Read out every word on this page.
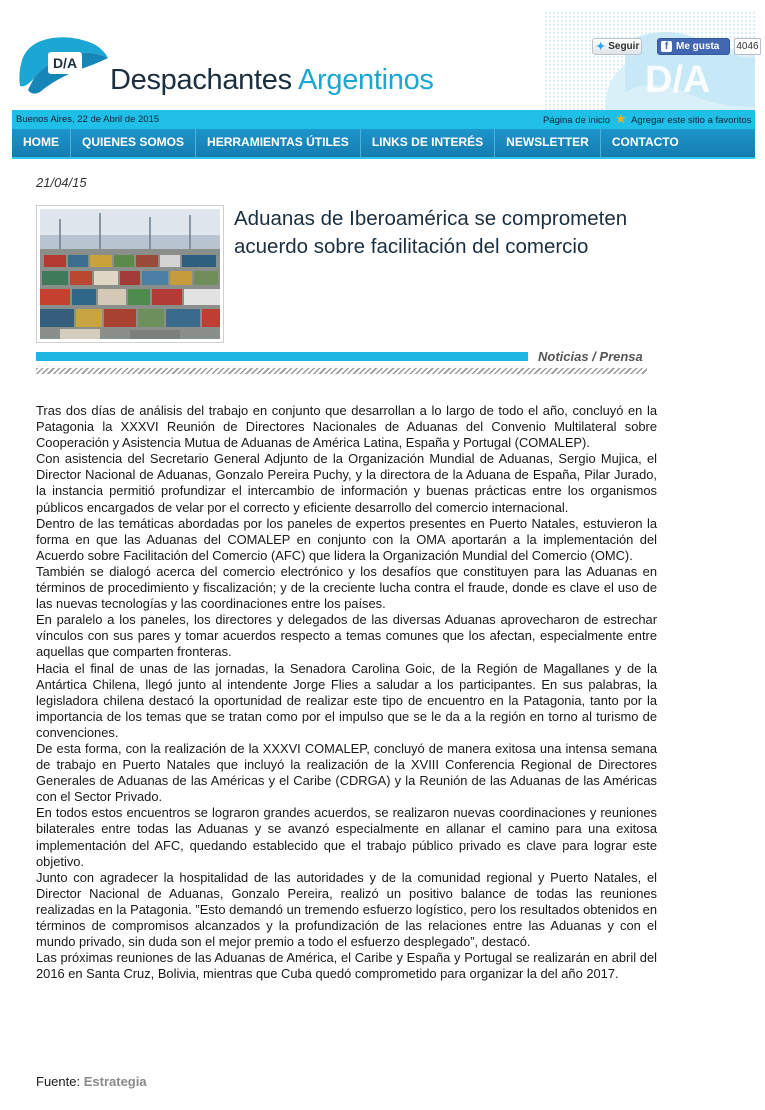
D/A
D/A
Despachantes Argentinos
✦ Seguir	f Me gusta 4046
Buenos Aires, 22 de Abril de 2015	Página de inicio ★ Agregar este sitio a favoritos
HOME	QUIENES SOMOS	HERRAMIENTAS ÚTILES	LINKS DE INTERÉS	NEWSLETTER	CONTACTO
21/04/15
Aduanas de Iberoamérica se comprometen acuerdo sobre facilitación del comercio
Noticias / Prensa

Tras dos días de análisis del trabajo en conjunto que desarrollan a lo largo de todo el año, concluyó en la Patagonia la XXXVI Reunión de Directores Nacionales de Aduanas del Convenio Multilateral sobre Cooperación y Asistencia Mutua de Aduanas de América Latina, España y Portugal (COMALEP).

Con asistencia del Secretario General Adjunto de la Organización Mundial de Aduanas, Sergio Mujica, el Director Nacional de Aduanas, Gonzalo Pereira Puchy, y la directora de la Aduana de España, Pilar Jurado, la instancia permitió profundizar el intercambio de información y buenas prácticas entre los organismos públicos encargados de velar por el correcto y eficiente desarrollo del comercio internacional.

Dentro de las temáticas abordadas por los paneles de expertos presentes en Puerto Natales, estuvieron la forma en que las Aduanas del COMALEP en conjunto con la OMA aportarán a la implementación del Acuerdo sobre Facilitación del Comercio (AFC) que lidera la Organización Mundial del Comercio (OMC).

También se dialogó acerca del comercio electrónico y los desafíos que constituyen para las Aduanas en términos de procedimiento y fiscalización; y de la creciente lucha contra el fraude, donde es clave el uso de las nuevas tecnologías y las coordinaciones entre los países.

En paralelo a los paneles, los directores y delegados de las diversas Aduanas aprovecharon de estrechar vínculos con sus pares y tomar acuerdos respecto a temas comunes que los afectan, especialmente entre aquellas que comparten fronteras.

Hacia el final de unas de las jornadas, la Senadora Carolina Goic, de la Región de Magallanes y de la Antártica Chilena, llegó junto al intendente Jorge Flies a saludar a los participantes. En sus palabras, la legisladora chilena destacó la oportunidad de realizar este tipo de encuentro en la Patagonia, tanto por la importancia de los temas que se tratan como por el impulso que se le da a la región en torno al turismo de convenciones.

De esta forma, con la realización de la XXXVI COMALEP, concluyó de manera exitosa una intensa semana de trabajo en Puerto Natales que incluyó la realización de la XVIII Conferencia Regional de Directores Generales de Aduanas de las Américas y el Caribe (CDRGA) y la Reunión de las Aduanas de las Américas con el Sector Privado.

En todos estos encuentros se lograron grandes acuerdos, se realizaron nuevas coordinaciones y reuniones bilaterales entre todas las Aduanas y se avanzó especialmente en allanar el camino para una exitosa implementación del AFC, quedando establecido que el trabajo público privado es clave para lograr este objetivo.

Junto con agradecer la hospitalidad de las autoridades y de la comunidad regional y Puerto Natales, el Director Nacional de Aduanas, Gonzalo Pereira, realizó un positivo balance de todas las reuniones realizadas en la Patagonia. ”Esto demandó un tremendo esfuerzo logístico, pero los resultados obtenidos en términos de compromisos alcanzados y la profundización de las relaciones entre las Aduanas y con el mundo privado, sin duda son el mejor premio a todo el esfuerzo desplegado”, destacó.

Las próximas reuniones de las Aduanas de América, el Caribe y España y Portugal se realizarán en abril del 2016 en Santa Cruz, Bolivia, mientras que Cuba quedó comprometido para organizar la del año 2017.

Fuente: Estrategia
